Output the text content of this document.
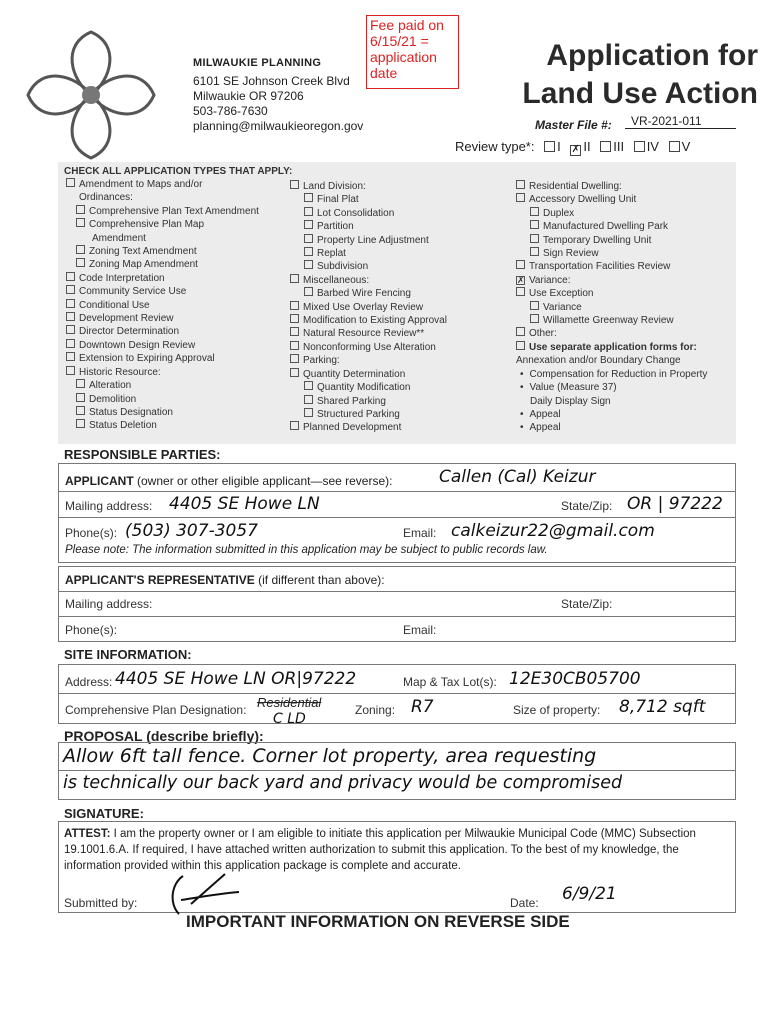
MILWAUKIE PLANNING
6101 SE Johnson Creek Blvd
Milwaukie OR 97206
503-786-7630
planning@milwaukieoregon.gov
Fee paid on
6/15/21 =
application
date
Application for
Land Use Action
Master File #:	VR-2021-011
Review type*: I ✗ II III IV V
CHECK ALL APPLICATION TYPES THAT APPLY:
Amendment to Maps and/or
Ordinances:
Comprehensive Plan Text Amendment
Comprehensive Plan Map
Amendment
Zoning Text Amendment
Zoning Map Amendment
Code Interpretation
Community Service Use
Conditional Use
Development Review
Director Determination
Downtown Design Review
Extension to Expiring Approval
Historic Resource:
Alteration
Demolition
Status Designation
Status Deletion
Land Division:
Final Plat
Lot Consolidation
Partition
Property Line Adjustment
Replat
Subdivision
Miscellaneous:
Barbed Wire Fencing
Mixed Use Overlay Review
Modification to Existing Approval
Natural Resource Review**
Nonconforming Use Alteration
Parking:
Quantity Determination
Quantity Modification
Shared Parking
Structured Parking
Planned Development
Residential Dwelling:
Accessory Dwelling Unit
Duplex
Manufactured Dwelling Park
Temporary Dwelling Unit
Sign Review
Transportation Facilities Review
✗ Variance:
Use Exception
Variance
Willamette Greenway Review
Other:
Use separate application forms for:
Annexation and/or Boundary Change
• Compensation for Reduction in Property
• Value (Measure 37)
Daily Display Sign
• Appeal
• Appeal
RESPONSIBLE PARTIES:
APPLICANT (owner or other eligible applicant—see reverse):	Callen (Cal) Keizur
Mailing address: 4405 SE Howe LN	State/Zip: OR | 97222
Phone(s): (503) 307-3057	Email: calkeizur22@gmail.com
Please note: The information submitted in this application may be subject to public records law.
APPLICANT'S REPRESENTATIVE (if different than above):
Mailing address:	State/Zip:
Phone(s):	Email:
SITE INFORMATION:
Address: 4405 SE Howe LN OR|97222	Map & Tax Lot(s): 12E30CB05700
Comprehensive Plan Designation: Residential
C LD
Zoning: R7	Size of property: 8,712 sqft
PROPOSAL (describe briefly):
Allow 6ft tall fence. Corner lot property, area requesting
is technically our back yard and privacy would be compromised
SIGNATURE:
ATTEST: I am the property owner or I am eligible to initiate this application per Milwaukie Municipal Code (MMC) Subsection 19.1001.6.A. If required, I have attached written authorization to submit this application. To the best of my knowledge, the information provided within this application package is complete and accurate.
Submitted by:	Date: 6/9/21
IMPORTANT INFORMATION ON REVERSE SIDE
